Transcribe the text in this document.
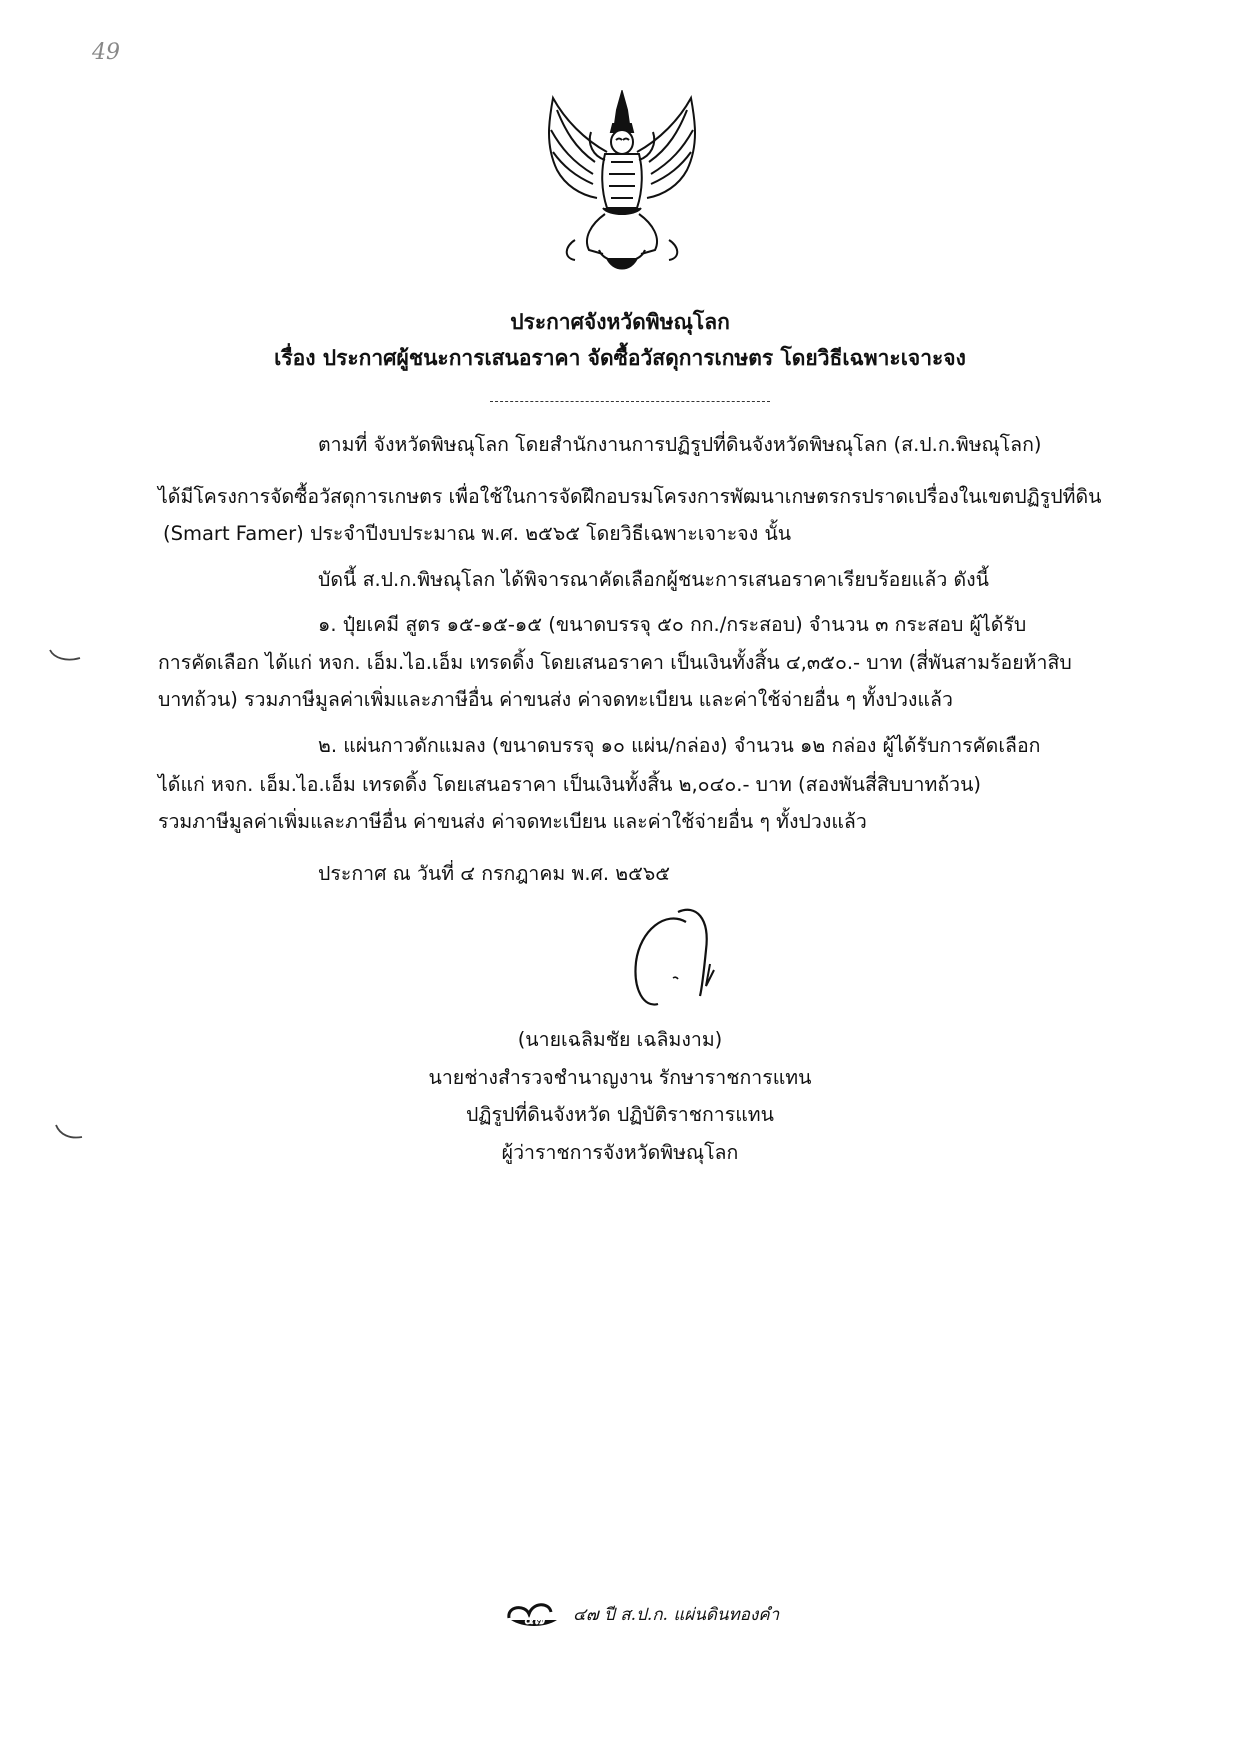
49
ประกาศจังหวัดพิษณุโลก
เรื่อง ประกาศผู้ชนะการเสนอราคา จัดซื้อวัสดุการเกษตร โดยวิธีเฉพาะเจาะจง
ตามที่ จังหวัดพิษณุโลก โดยสำนักงานการปฏิรูปที่ดินจังหวัดพิษณุโลก (ส.ป.ก.พิษณุโลก)
ได้มีโครงการจัดซื้อวัสดุการเกษตร เพื่อใช้ในการจัดฝึกอบรมโครงการพัฒนาเกษตรกรปราดเปรื่องในเขตปฏิรูปที่ดิน
(Smart Famer) ประจำปีงบประมาณ พ.ศ. ๒๕๖๕ โดยวิธีเฉพาะเจาะจง นั้น
บัดนี้ ส.ป.ก.พิษณุโลก ได้พิจารณาคัดเลือกผู้ชนะการเสนอราคาเรียบร้อยแล้ว ดังนี้
๑. ปุ๋ยเคมี สูตร ๑๕-๑๕-๑๕ (ขนาดบรรจุ ๕๐ กก./กระสอบ) จำนวน ๓ กระสอบ ผู้ได้รับ
การคัดเลือก ได้แก่ หจก. เอ็ม.ไอ.เอ็ม เทรดดิ้ง โดยเสนอราคา เป็นเงินทั้งสิ้น ๔,๓๕๐.- บาท (สี่พันสามร้อยห้าสิบ
บาทถ้วน) รวมภาษีมูลค่าเพิ่มและภาษีอื่น ค่าขนส่ง ค่าจดทะเบียน และค่าใช้จ่ายอื่น ๆ ทั้งปวงแล้ว
๒. แผ่นกาวดักแมลง (ขนาดบรรจุ ๑๐ แผ่น/กล่อง) จำนวน ๑๒ กล่อง ผู้ได้รับการคัดเลือก
ได้แก่ หจก. เอ็ม.ไอ.เอ็ม เทรดดิ้ง โดยเสนอราคา เป็นเงินทั้งสิ้น ๒,๐๔๐.- บาท (สองพันสี่สิบบาทถ้วน)
รวมภาษีมูลค่าเพิ่มและภาษีอื่น ค่าขนส่ง ค่าจดทะเบียน และค่าใช้จ่ายอื่น ๆ ทั้งปวงแล้ว
ประกาศ ณ วันที่ ๔ กรกฎาคม พ.ศ. ๒๕๖๕
(นายเฉลิมชัย เฉลิมงาม)
นายช่างสำรวจชำนาญงาน รักษาราชการแทน
ปฏิรูปที่ดินจังหวัด ปฏิบัติราชการแทน
ผู้ว่าราชการจังหวัดพิษณุโลก
๔๗ ๔๗ ปี ส.ป.ก. แผ่นดินทองคำ
